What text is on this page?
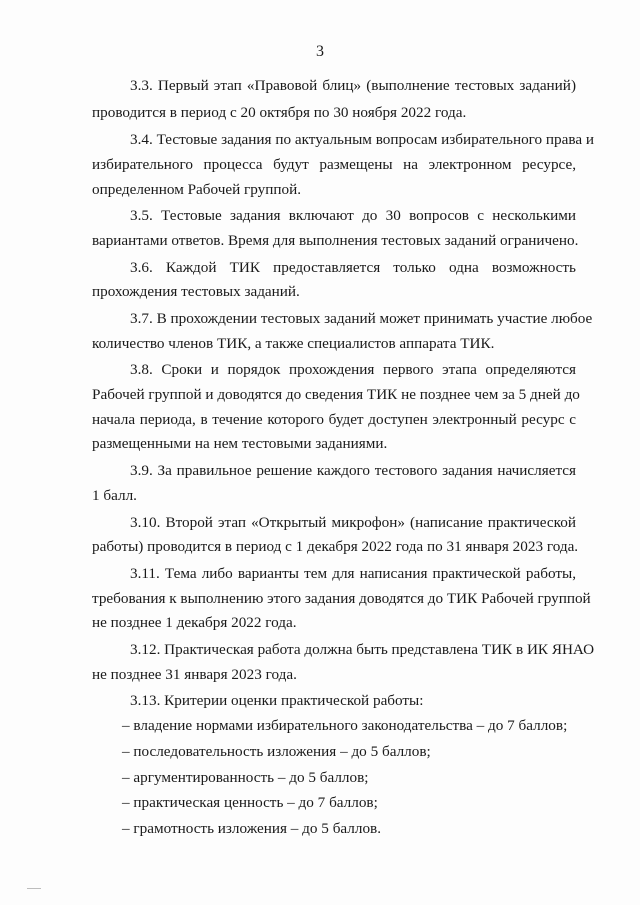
3
3.3. Первый этап «Правовой блиц» (выполнение тестовых заданий)
проводится в период с 20 октября по 30 ноября 2022 года.
3.4. Тестовые задания по актуальным вопросам избирательного права и
избирательного процесса будут размещены на электронном ресурсе,
определенном Рабочей группой.
3.5. Тестовые задания включают до 30 вопросов с несколькими
вариантами ответов. Время для выполнения тестовых заданий ограничено.
3.6. Каждой ТИК предоставляется только одна возможность
прохождения тестовых заданий.
3.7. В прохождении тестовых заданий может принимать участие любое
количество членов ТИК, а также специалистов аппарата ТИК.
3.8. Сроки и порядок прохождения первого этапа определяются
Рабочей группой и доводятся до сведения ТИК не позднее чем за 5 дней до
начала периода, в течение которого будет доступен электронный ресурс с
размещенными на нем тестовыми заданиями.
3.9. За правильное решение каждого тестового задания начисляется
1 балл.
3.10. Второй этап «Открытый микрофон» (написание практической
работы) проводится в период с 1 декабря 2022 года по 31 января 2023 года.
3.11. Тема либо варианты тем для написания практической работы,
требования к выполнению этого задания доводятся до ТИК Рабочей группой
не позднее 1 декабря 2022 года.
3.12. Практическая работа должна быть представлена ТИК в ИК ЯНАО
не позднее 31 января 2023 года.
3.13. Критерии оценки практической работы:
– владение нормами избирательного законодательства – до 7 баллов;
– последовательность изложения – до 5 баллов;
– аргументированность – до 5 баллов;
– практическая ценность – до 7 баллов;
– грамотность изложения – до 5 баллов.
